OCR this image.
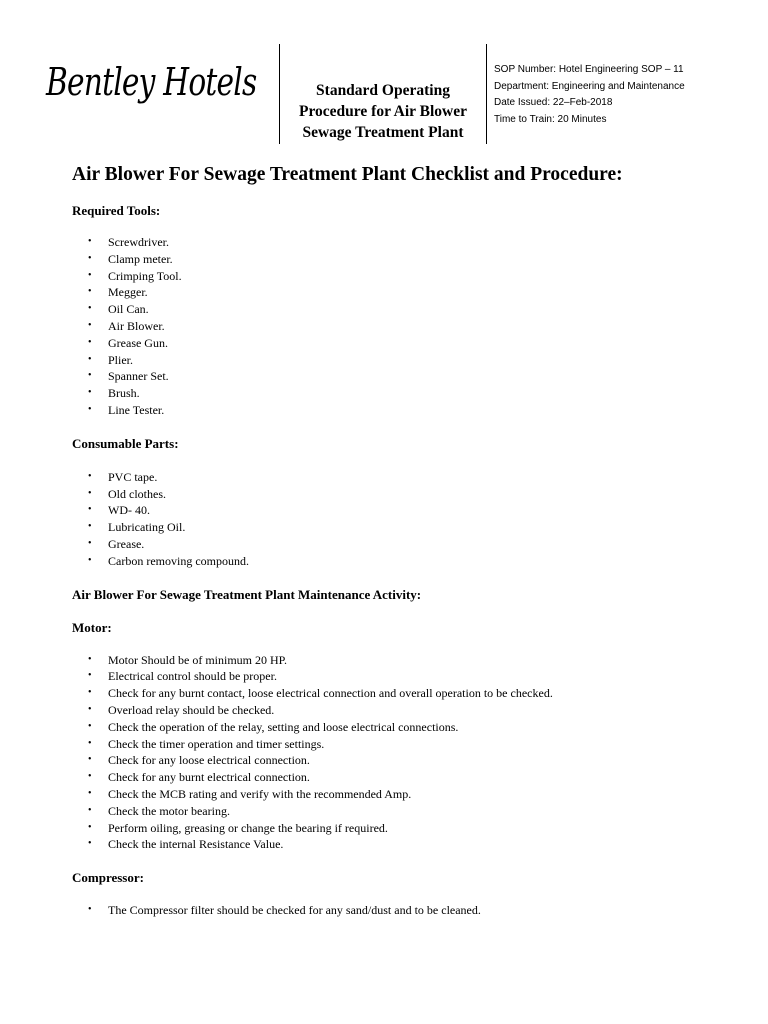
Bentley Hotels	Standard Operating
Procedure for Air Blower
Sewage Treatment Plant
SOP Number: Hotel Engineering SOP – 11
Department: Engineering and Maintenance
Date Issued: 22–Feb-2018
Time to Train: 20 Minutes
Air Blower For Sewage Treatment Plant Checklist and Procedure:
Required Tools:
• Screwdriver.
• Clamp meter.
• Crimping Tool.
• Megger.
• Oil Can.
• Air Blower.
• Grease Gun.
• Plier.
• Spanner Set.
• Brush.
• Line Tester.
Consumable Parts:
• PVC tape.
• Old clothes.
• WD- 40.
• Lubricating Oil.
• Grease.
• Carbon removing compound.
Air Blower For Sewage Treatment Plant Maintenance Activity:
Motor:
• Motor Should be of minimum 20 HP.
• Electrical control should be proper.
• Check for any burnt contact, loose electrical connection and overall operation to be checked.
• Overload relay should be checked.
• Check the operation of the relay, setting and loose electrical connections.
• Check the timer operation and timer settings.
• Check for any loose electrical connection.
• Check for any burnt electrical connection.
• Check the MCB rating and verify with the recommended Amp.
• Check the motor bearing.
• Perform oiling, greasing or change the bearing if required.
• Check the internal Resistance Value.
Compressor:
• The Compressor filter should be checked for any sand/dust and to be cleaned.
